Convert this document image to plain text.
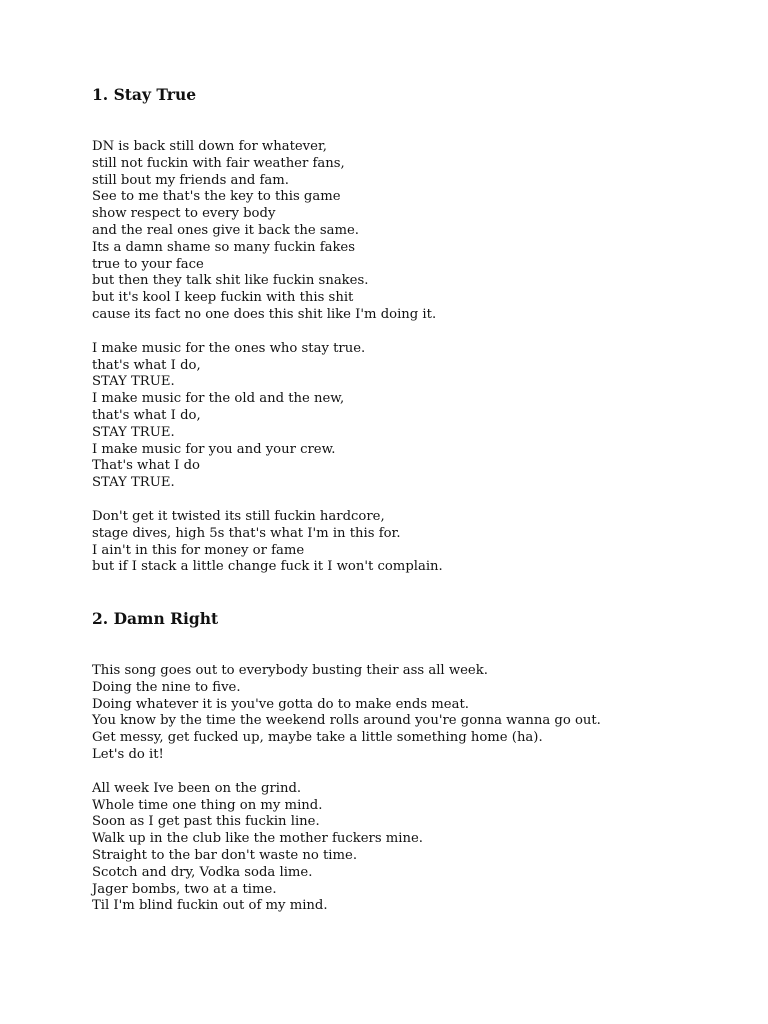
1. Stay True
DN is back still down for whatever,
still not fuckin with fair weather fans,
still bout my friends and fam.
See to me that's the key to this game
show respect to every body
and the real ones give it back the same.
Its a damn shame so many fuckin fakes
true to your face
but then they talk shit like fuckin snakes.
but it's kool I keep fuckin with this shit
cause its fact no one does this shit like I'm doing it.
I make music for the ones who stay true.
that's what I do,
STAY TRUE.
I make music for the old and the new,
that's what I do,
STAY TRUE.
I make music for you and your crew.
That's what I do
STAY TRUE.
Don't get it twisted its still fuckin hardcore,
stage dives, high 5s that's what I'm in this for.
I ain't in this for money or fame
but if I stack a little change fuck it I won't complain.
2. Damn Right
This song goes out to everybody busting their ass all week.
Doing the nine to five.
Doing whatever it is you've gotta do to make ends meat.
You know by the time the weekend rolls around you're gonna wanna go out.
Get messy, get fucked up, maybe take a little something home (ha).
Let's do it!
All week Ive been on the grind.
Whole time one thing on my mind.
Soon as I get past this fuckin line.
Walk up in the club like the mother fuckers mine.
Straight to the bar don't waste no time.
Scotch and dry, Vodka soda lime.
Jager bombs, two at a time.
Til I'm blind fuckin out of my mind.
